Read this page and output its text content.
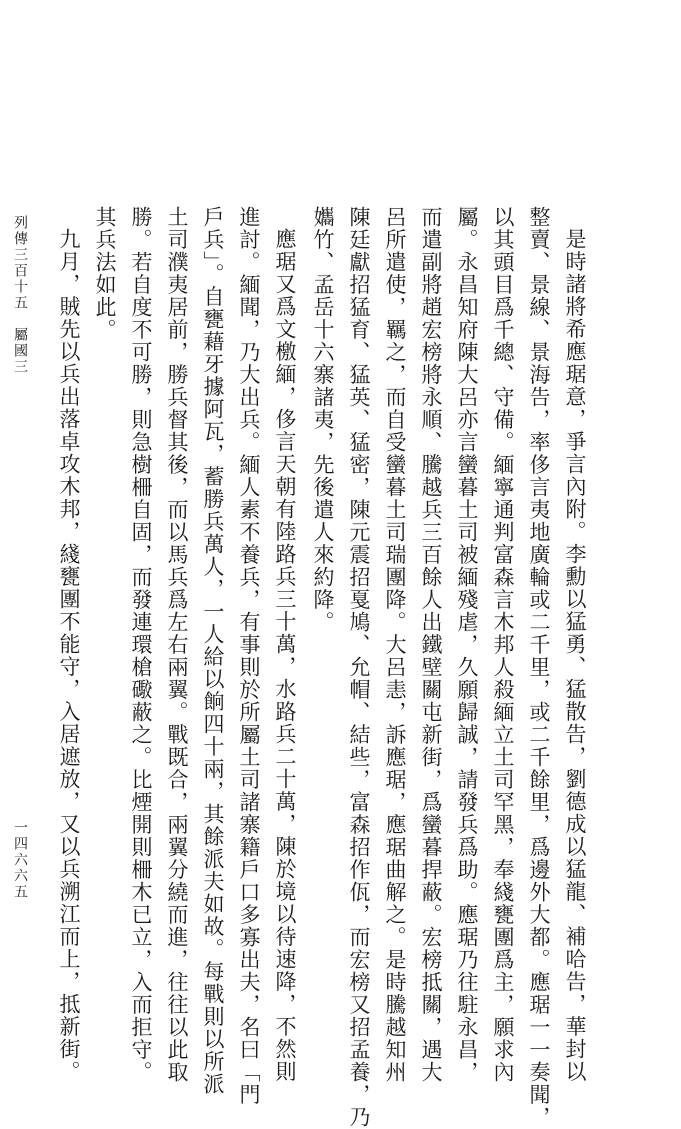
是時諸將希應琚意，爭言內附。李勳以猛勇、猛散告，劉德成以猛龍、補哈告，華封以
整賣、景線、景海告，率侈言夷地廣輪或二千里，或二千餘里，爲邊外大都。應琚一一奏聞，
以其頭目爲千總、守備。緬寧通判富森言木邦人殺緬立土司罕黑，奉綫甕團爲主，願求內
屬。永昌知府陳大呂亦言蠻暮土司被緬殘虐，久願歸誠，請發兵爲助。應琚乃往駐永昌，
而遣副將趙宏榜將永順、騰越兵三百餘人出鐵壁關屯新街，爲蠻暮捍蔽。宏榜抵關，遇大
呂所遣使，羈之，而自受蠻暮土司瑞團降。大呂恚，訴應琚，應琚曲解之。是時騰越知州
陳廷獻招猛育、猛英、猛密，陳元震招戛鳩、允帽、結些，富森招作佤，而宏榜又招孟養，乃
孈竹、孟岳十六寨諸夷，先後遣人來約降。
應琚又爲文檄緬，侈言天朝有陸路兵三十萬，水路兵二十萬，陳於境以待速降，不然則
進討。緬聞，乃大出兵。緬人素不養兵，有事則於所屬土司諸寨籍戶口多寡出夫，名曰「門
戶兵」。自甕藉牙據阿瓦，蓄勝兵萬人，一人給以餉四十兩，其餘派夫如故。每戰則以所派
土司濮夷居前，勝兵督其後，而以馬兵爲左右兩翼。戰既合，兩翼分繞而進，往往以此取
勝。若自度不可勝，則急樹柵自固，而發連環槍礮蔽之。比煙開則柵木已立，入而拒守。
其兵法如此。
九月，賊先以兵出落卓攻木邦，綫甕團不能守，入居遮放，又以兵溯江而上，抵新街。
列傳三百十五　屬國三
一四六六五
